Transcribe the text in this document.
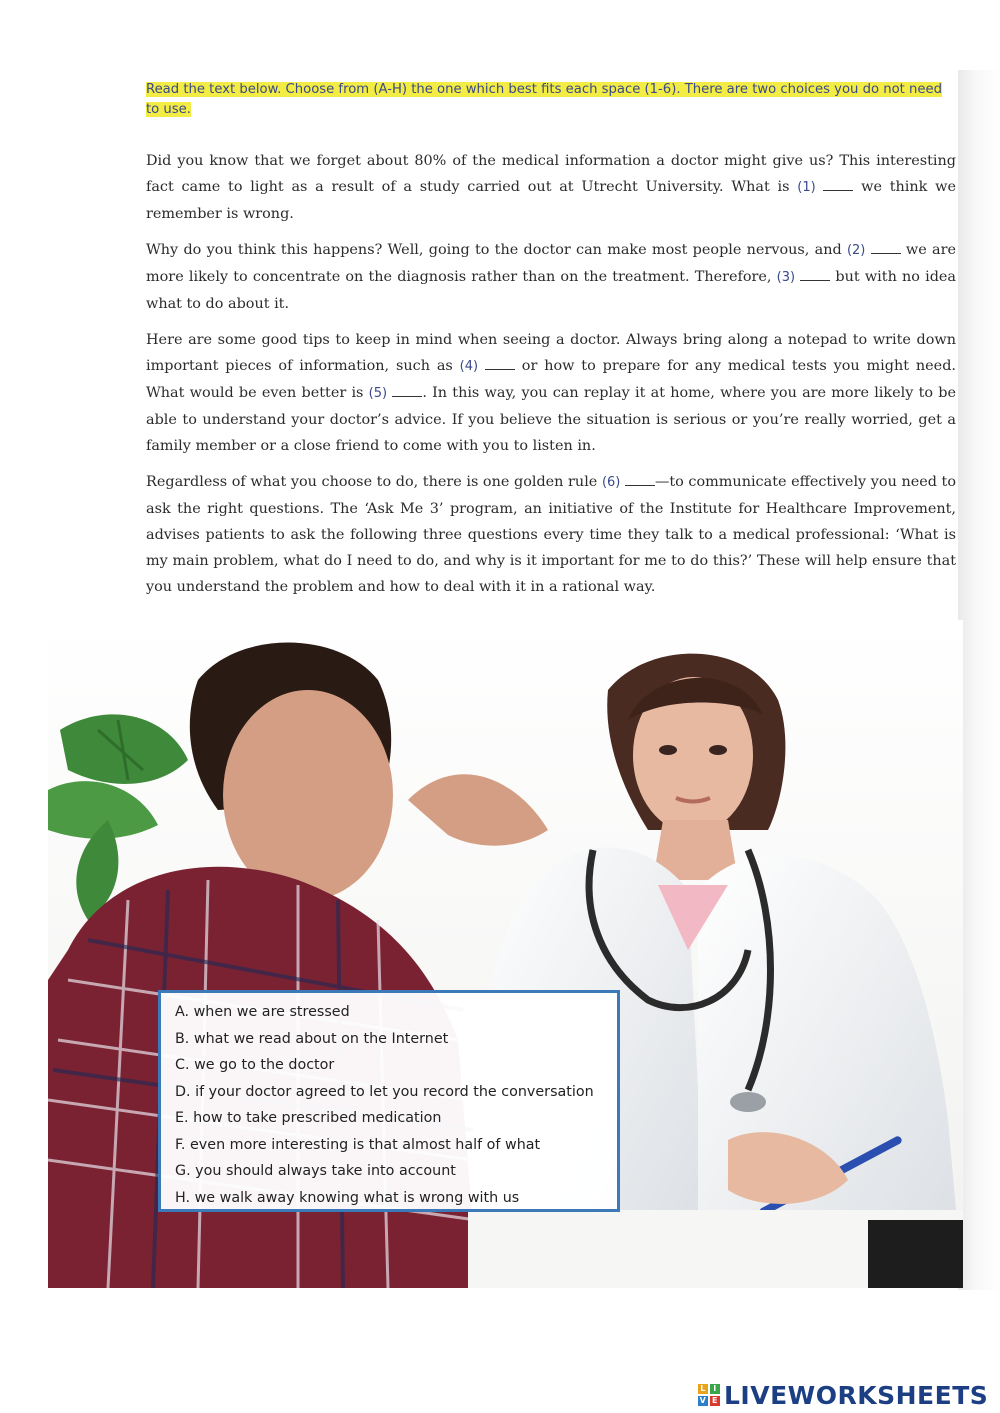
Read the text below. Choose from (A-H) the one which best fits each space (1-6). There are two choices you do not need to use.

Did you know that we forget about 80% of the medical information a doctor might give us? This interesting fact came to light as a result of a study carried out at Utrecht University. What is (1)	we think we remember is wrong.

Why do you think this happens? Well, going to the doctor can make most people nervous, and (2)  we are more likely to concentrate on the diagnosis rather than on the treatment. Therefore, (3)  but with no idea what to do about it.

Here are some good tips to keep in mind when seeing a doctor. Always bring along a notepad to write down important pieces of information, such as (4)	or how to prepare for any medical tests you might need. What would be even better is (5) . In this way, you can replay it at home, where you are more likely to be able to understand your doctor’s advice. If you believe the situation is serious or you’re really worried, get a family member or a close friend to come with you to listen in.

Regardless of what you choose to do, there is one golden rule (6) —to communicate effectively you need to ask the right questions. The ‘Ask Me 3’ program, an initiative of the Institute for Healthcare Improvement, advises patients to ask the following three questions every time they talk to a medical professional: ‘What is my main problem, what do I need to do, and why is it important for me to do this?’ These will help ensure that you understand the problem and how to deal with it in a rational way.

A. when we are stressed
B. what we read about on the Internet
C. we go to the doctor
D. if your doctor agreed to let you record the conversation
E. how to take prescribed medication
F. even more interesting is that almost half of what
G. you should always take into account
H. we walk away knowing what is wrong with us
L I
V E LIVEWORKSHEETS
